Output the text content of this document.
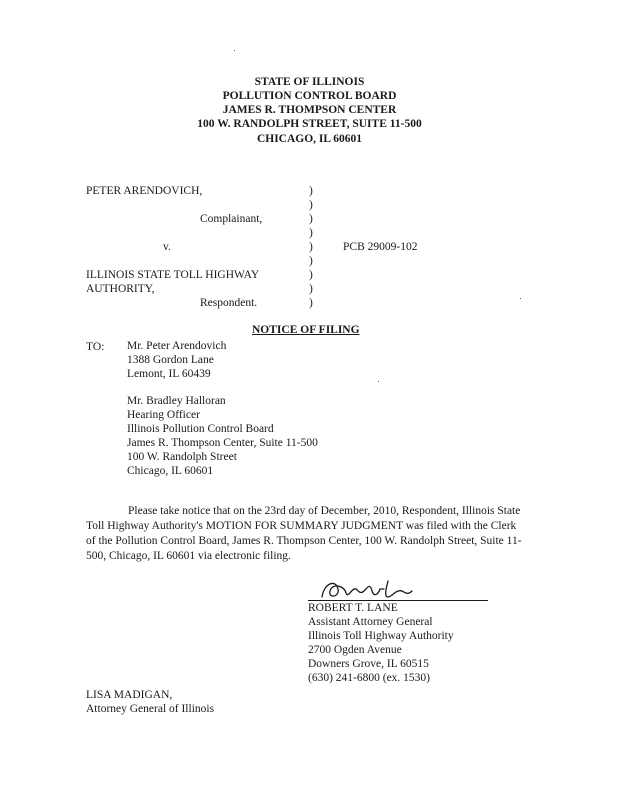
STATE OF ILLINOIS
POLLUTION CONTROL BOARD
JAMES R. THOMPSON CENTER
100 W. RANDOLPH STREET, SUITE 11-500
CHICAGO, IL 60601
PETER ARENDOVICH,
Complainant,
v.	PCB 29009-102
ILLINOIS STATE TOLL HIGHWAY
AUTHORITY,
Respondent.
)
)
)
)
)
)
)
)
)
NOTICE OF FILING
TO: Mr. Peter Arendovich
1388 Gordon Lane
Lemont, IL 60439
Mr. Bradley Halloran
Hearing Officer
Illinois Pollution Control Board
James R. Thompson Center, Suite 11-500
100 W. Randolph Street
Chicago, IL 60601
Please take notice that on the 23rd day of December, 2010, Respondent, Illinois State Toll Highway Authority's MOTION FOR SUMMARY JUDGMENT was filed with the Clerk of the Pollution Control Board, James R. Thompson Center, 100 W. Randolph Street, Suite 11-500, Chicago, IL 60601 via electronic filing.
ROBERT T. LANE
Assistant Attorney General
Illinois Toll Highway Authority
2700 Ogden Avenue
Downers Grove, IL 60515
(630) 241-6800 (ex. 1530)
LISA MADIGAN,
Attorney General of Illinois
